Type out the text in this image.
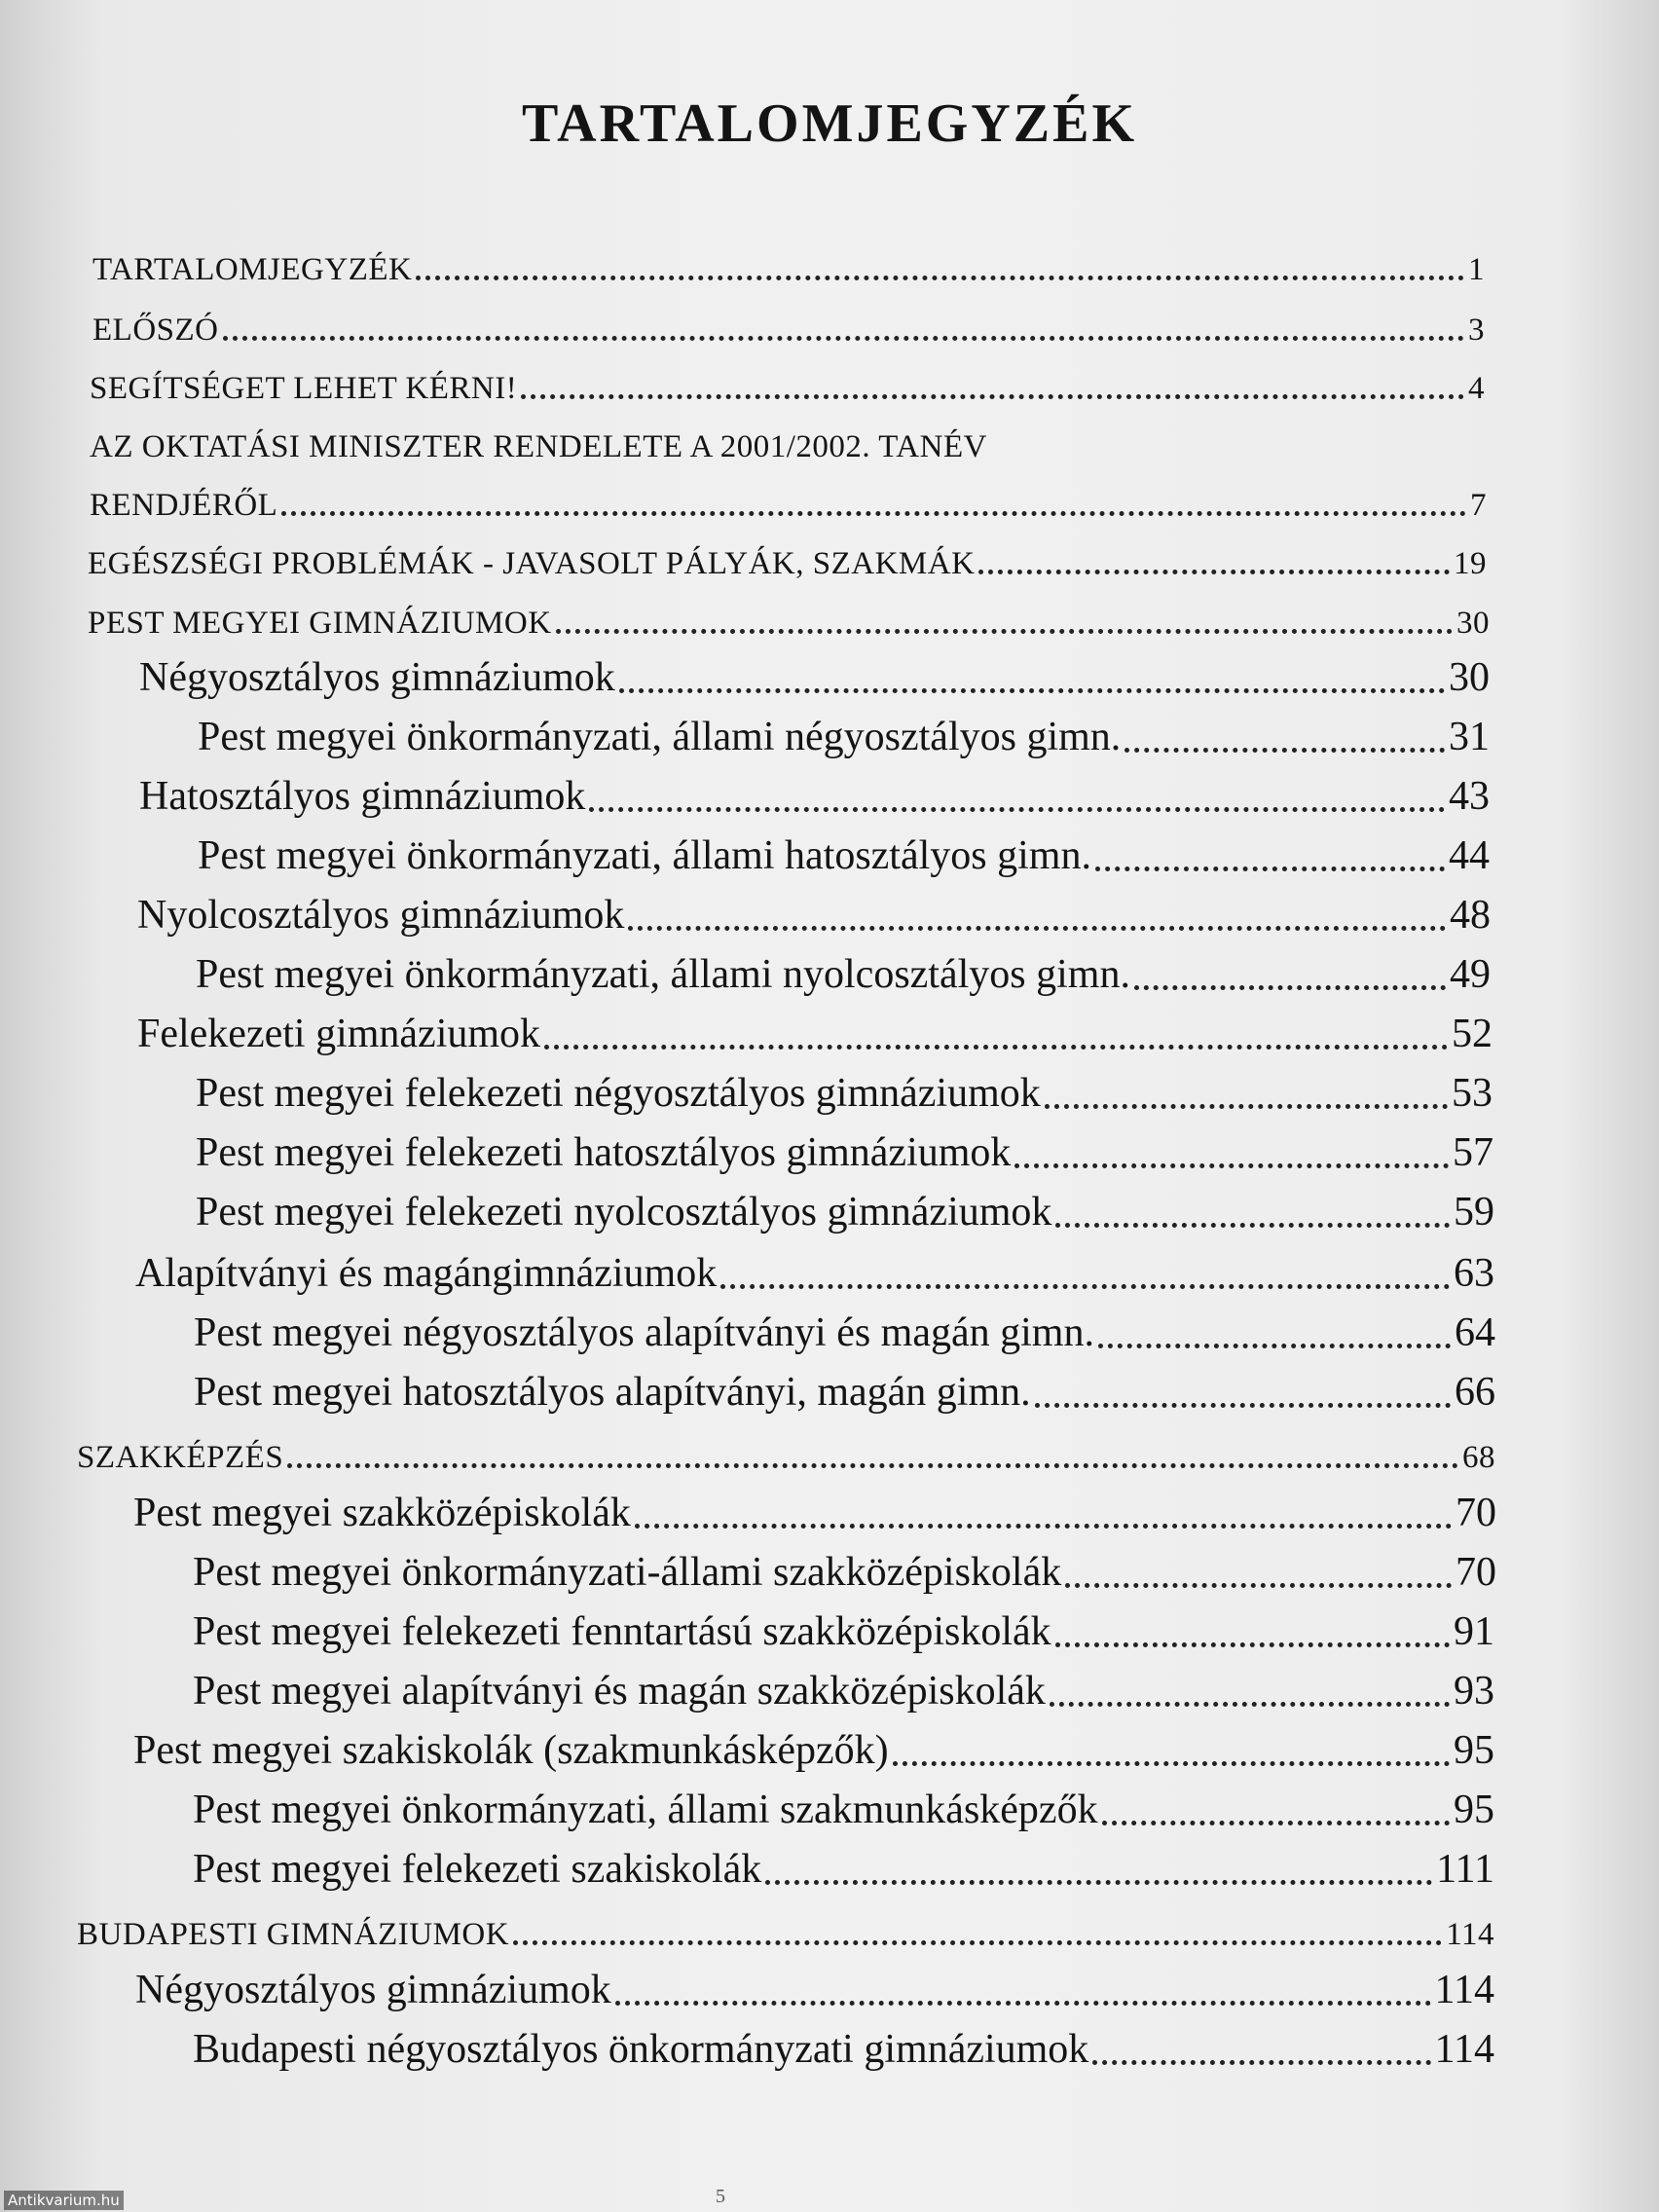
TARTALOMJEGYZÉK
TARTALOMJEGYZÉK	1
ELŐSZÓ	3
SEGÍTSÉGET LEHET KÉRNI!	4
AZ OKTATÁSI MINISZTER RENDELETE A 2001/2002. TANÉV
RENDJÉRŐL	7
EGÉSZSÉGI PROBLÉMÁK - JAVASOLT PÁLYÁK, SZAKMÁK	19
PEST MEGYEI GIMNÁZIUMOK	30
Négyosztályos gimnáziumok	30
Pest megyei önkormányzati, állami négyosztályos gimn.	31
Hatosztályos gimnáziumok	43
Pest megyei önkormányzati, állami hatosztályos gimn.	44
Nyolcosztályos gimnáziumok	48
Pest megyei önkormányzati, állami nyolcosztályos gimn.	49
Felekezeti gimnáziumok	52
Pest megyei felekezeti négyosztályos gimnáziumok	53
Pest megyei felekezeti hatosztályos gimnáziumok	57
Pest megyei felekezeti nyolcosztályos gimnáziumok	59
Alapítványi és magángimnáziumok	63
Pest megyei négyosztályos alapítványi és magán gimn.	64
Pest megyei hatosztályos alapítványi, magán gimn.	66
SZAKKÉPZÉS	68
Pest megyei szakközépiskolák	70
Pest megyei önkormányzati-állami szakközépiskolák	70
Pest megyei felekezeti fenntartású szakközépiskolák	91
Pest megyei alapítványi és magán szakközépiskolák	93
Pest megyei szakiskolák (szakmunkásképzők)	95
Pest megyei önkormányzati, állami szakmunkásképzők	95
Pest megyei felekezeti szakiskolák	111
BUDAPESTI GIMNÁZIUMOK	114
Négyosztályos gimnáziumok	114
Budapesti négyosztályos önkormányzati gimnáziumok	114
5
Antikvarium.hu
